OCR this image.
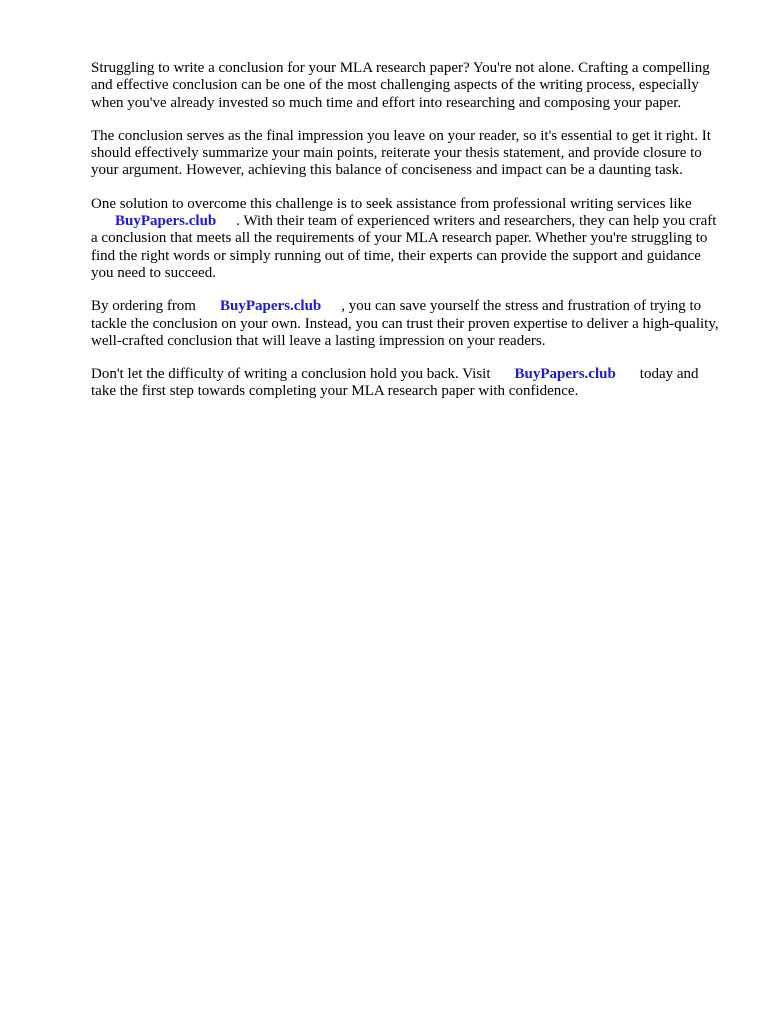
Struggling to write a conclusion for your MLA research paper? You're not alone. Crafting a compelling and effective conclusion can be one of the most challenging aspects of the writing process, especially when you've already invested so much time and effort into researching and composing your paper.

The conclusion serves as the final impression you leave on your reader, so it's essential to get it right. It should effectively summarize your main points, reiterate your thesis statement, and provide closure to your argument. However, achieving this balance of conciseness and impact can be a daunting task.

One solution to overcome this challenge is to seek assistance from professional writing services like
BuyPapers.club . With their team of experienced writers and researchers, they can help you craft a conclusion that meets all the requirements of your MLA research paper. Whether you're struggling to find the right words or simply running out of time, their experts can provide the support and guidance you need to succeed.

By ordering from BuyPapers.club , you can save yourself the stress and frustration of trying to tackle the conclusion on your own. Instead, you can trust their proven expertise to deliver a high-quality, well-crafted conclusion that will leave a lasting impression on your readers.

Don't let the difficulty of writing a conclusion hold you back. Visit BuyPapers.club today and take the first step towards completing your MLA research paper with confidence.
